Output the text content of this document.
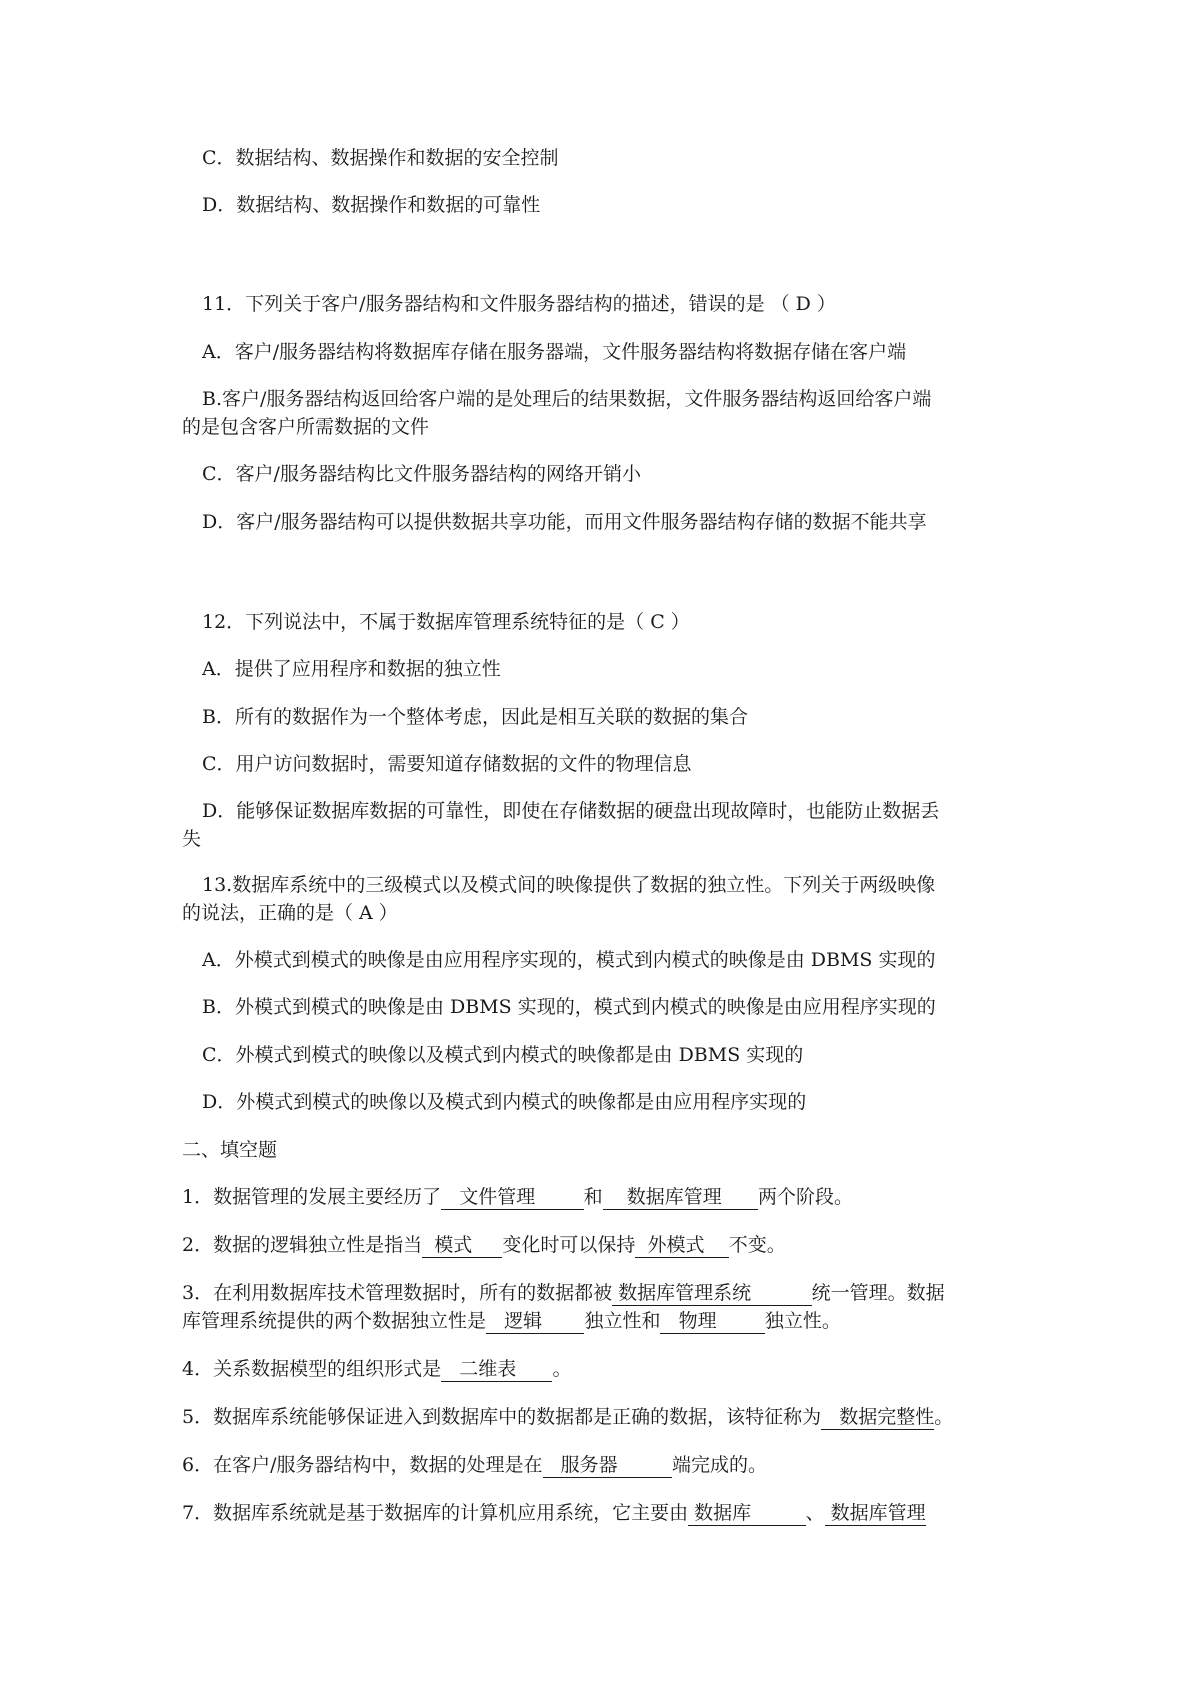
C．数据结构、数据操作和数据的安全控制
D．数据结构、数据操作和数据的可靠性
11．下列关于客户/服务器结构和文件服务器结构的描述，错误的是 （ D ）
A．客户/服务器结构将数据库存储在服务器端，文件服务器结构将数据存储在客户端
B.客户/服务器结构返回给客户端的是处理后的结果数据，文件服务器结构返回给客户端
的是包含客户所需数据的文件
C．客户/服务器结构比文件服务器结构的网络开销小
D．客户/服务器结构可以提供数据共享功能，而用文件服务器结构存储的数据不能共享
12．下列说法中，不属于数据库管理系统特征的是（ C ）
A．提供了应用程序和数据的独立性
B．所有的数据作为一个整体考虑，因此是相互关联的数据的集合
C．用户访问数据时，需要知道存储数据的文件的物理信息
D．能够保证数据库数据的可靠性，即使在存储数据的硬盘出现故障时，也能防止数据丢
失
13.数据库系统中的三级模式以及模式间的映像提供了数据的独立性。下列关于两级映像
的说法，正确的是（ A ）
A．外模式到模式的映像是由应用程序实现的，模式到内模式的映像是由 DBMS 实现的
B．外模式到模式的映像是由 DBMS 实现的，模式到内模式的映像是由应用程序实现的
C．外模式到模式的映像以及模式到内模式的映像都是由 DBMS 实现的
D．外模式到模式的映像以及模式到内模式的映像都是由应用程序实现的
二、填空题
1．数据管理的发展主要经历了 文件管理	和 数据库管理 两个阶段。
2．数据的逻辑独立性是指当 模式 变化时可以保持 外模式 不变。
3．在利用数据库技术管理数据时，所有的数据都被 数据库管理系统	统一管理。数据
库管理系统提供的两个数据独立性是 逻辑 独立性和 物理	独立性。
4．关系数据模型的组织形式是 二维表 。
5．数据库系统能够保证进入到数据库中的数据都是正确的数据，该特征称为 数据完整性。
6．在客户/服务器结构中，数据的处理是在 服务器	端完成的。
7．数据库系统就是基于数据库的计算机应用系统，它主要由 数据库	、 数据库管理
